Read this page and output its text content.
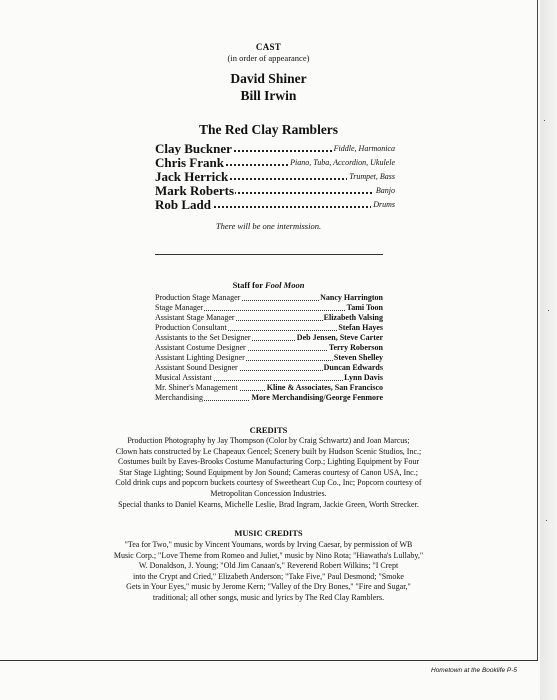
CAST
(in order of appearance)
David Shiner
Bill Irwin
The Red Clay Ramblers
Clay Buckner	Fiddle, Harmonica
Chris Frank	Piano, Tuba, Accordion, Ukulele
Jack Herrick	Trumpet, Bass
Mark Roberts	Banjo
Rob Ladd	Drums
There will be one intermission.
Staff for Fool Moon
Production Stage Manager	Nancy Harrington
Stage Manager	Tami Toon
Assistant Stage Manager	Elizabeth Valsing
Production Consultant	Stefan Hayes
Assistants to the Set Designer	Deb Jensen, Steve Carter
Assistant Costume Designer	Terry Roberson
Assistant Lighting Designer	Steven Shelley
Assistant Sound Designer	Duncan Edwards
Musical Assistant	Lynn Davis
Mr. Shiner's Management	Kline & Associates, San Francisco
Merchandising	More Merchandising/George Fenmore
CREDITS
Production Photography by Jay Thompson (Color by Craig Schwartz) and Joan Marcus;
Clown hats constructed by Le Chapeaux Gencel; Scenery built by Hudson Scenic Studios, Inc.;
Costumes built by Eaves-Brooks Costume Manufacturing Corp.; Lighting Equipment by Four
Star Stage Lighting; Sound Equipment by Jon Sound; Cameras courtesy of Canon USA, Inc.;
Cold drink cups and popcorn buckets courtesy of Sweetheart Cup Co., Inc; Popcorn courtesy of
Metropolitan Concession Industries.
Special thanks to Daniel Kearns, Michelle Leslie, Brad Ingram, Jackie Green, Worth Strecker.
MUSIC CREDITS
"Tea for Two," music by Vincent Youmans, words by Irving Caesar, by permission of WB
Music Corp.; "Love Theme from Romeo and Juliet," music by Nino Rota; "Hiawatha's Lullaby,"
W. Donaldson, J. Young; "Old Jim Canaan's," Reverend Robert Wilkins; "I Crept
into the Crypt and Cried," Elizabeth Anderson; "Take Five," Paul Desmond; "Smoke
Gets in Your Eyes," music by Jerome Kern; "Valley of the Dry Bones," "Fire and Sugar,"
traditional; all other songs, music and lyrics by The Red Clay Ramblers.
Hometown at the Booklife P-5
